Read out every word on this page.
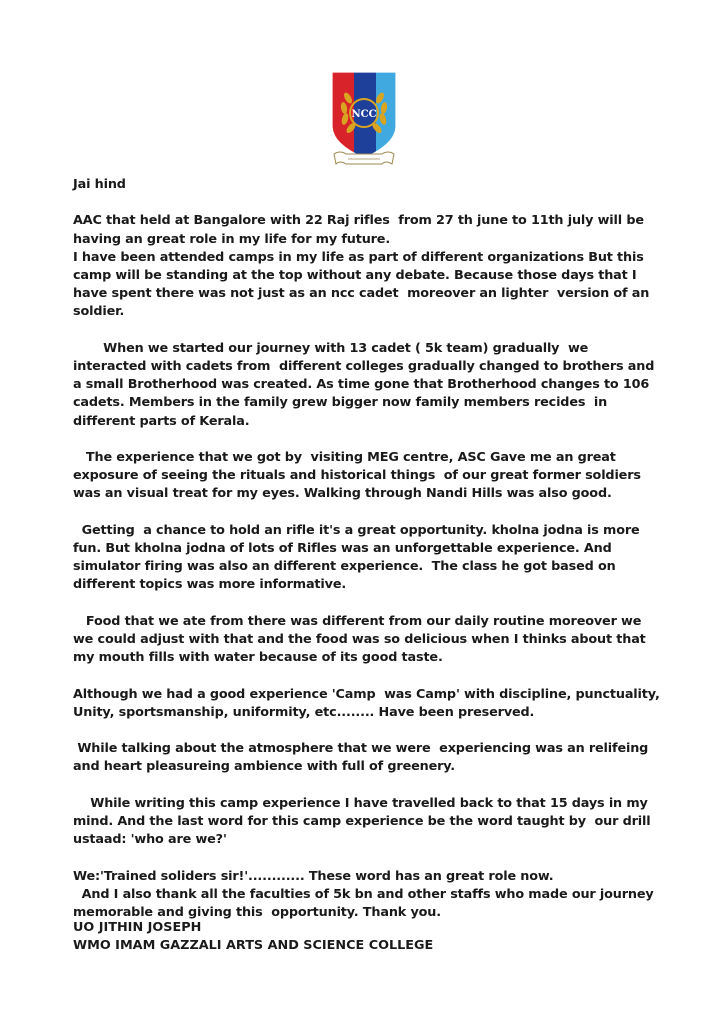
NCC

Jai hind

AAC that held at Bangalore with 22 Raj rifles  from 27 th june to 11th july will be having an great role in my life for my future.
I have been attended camps in my life as part of different organizations But this camp will be standing at the top without any debate. Because those days that I have spent there was not just as an ncc cadet  moreover an lighter  version of an soldier.

When we started our journey with 13 cadet ( 5k team) gradually  we interacted with cadets from  different colleges gradually changed to brothers and a small Brotherhood was created. As time gone that Brotherhood changes to 106 cadets. Members in the family grew bigger now family members recides  in different parts of Kerala.

The experience that we got by  visiting MEG centre, ASC Gave me an great exposure of seeing the rituals and historical things  of our great former soldiers was an visual treat for my eyes. Walking through Nandi Hills was also good.

Getting  a chance to hold an rifle it's a great opportunity. kholna jodna is more fun. But kholna jodna of lots of Rifles was an unforgettable experience. And  simulator firing was also an different experience.  The class he got based on different topics was more informative.

Food that we ate from there was different from our daily routine moreover we we could adjust with that and the food was so delicious when I thinks about that my mouth fills with water because of its good taste.

Although we had a good experience 'Camp  was Camp' with discipline, punctuality, Unity, sportsmanship, uniformity, etc........ Have been preserved.

While talking about the atmosphere that we were  experiencing was an relifeing and heart pleasureing ambience with full of greenery.

While writing this camp experience I have travelled back to that 15 days in my mind. And the last word for this camp experience be the word taught by  our drill ustaad: 'who are we?'

We:'Trained soliders sir!'............ These word has an great role now.
And I also thank all the faculties of 5k bn and other staffs who made our journey memorable and giving this  opportunity. Thank you.

UO JITHIN JOSEPH
WMO IMAM GAZZALI ARTS AND SCIENCE COLLEGE
